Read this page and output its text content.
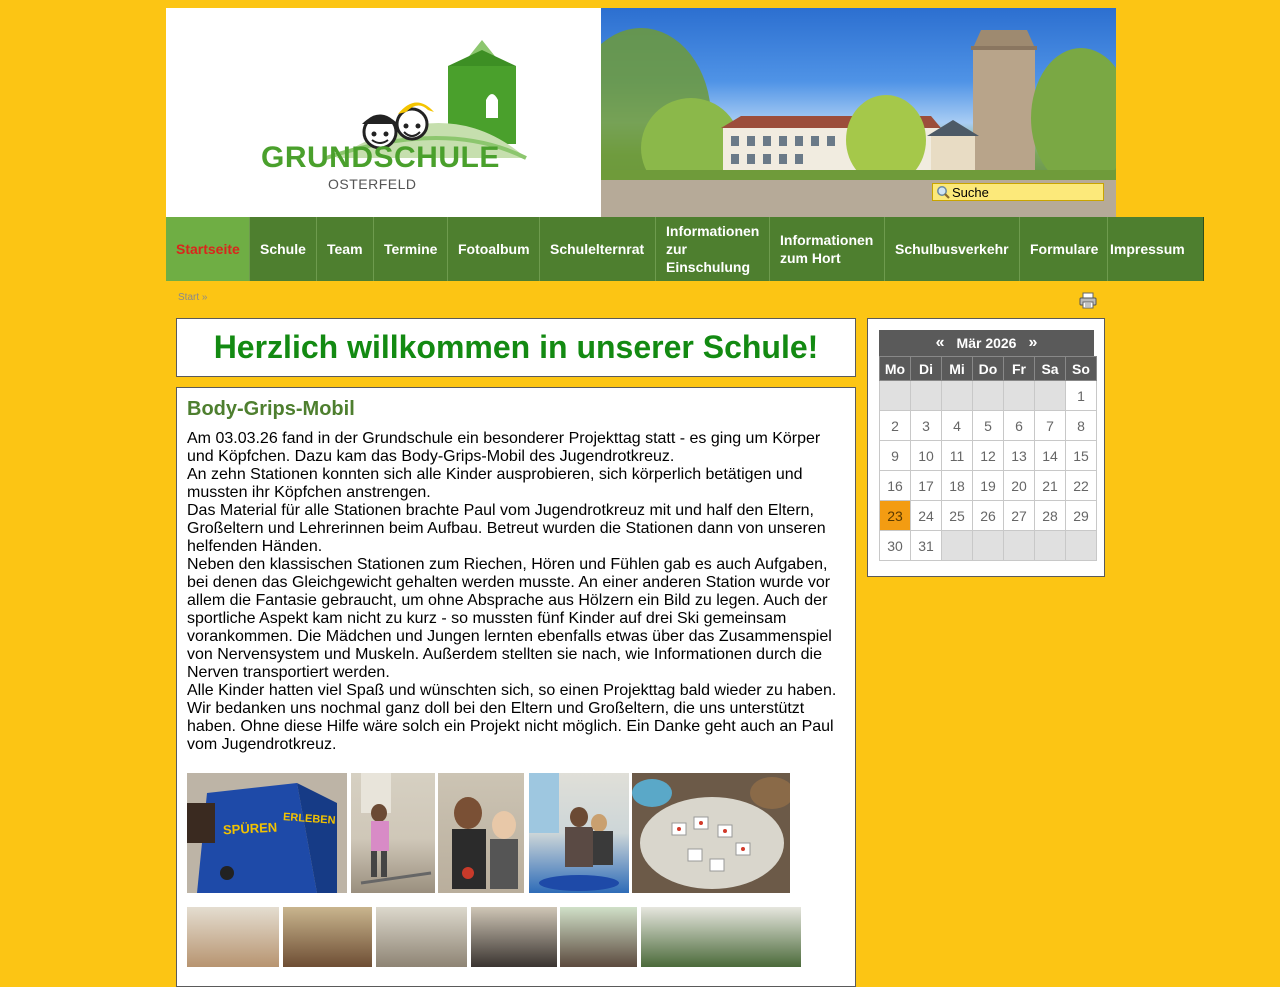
GRUNDSCHULE
OSTERFELD
Suche
Startseite	Schule	Team	Termine	Fotoalbum	Schulelternrat
Informationen zur Einschulung
Informationen zum Hort
Schulbusverkehr	Formulare Impressum
Start »
Herzlich willkommen in unserer Schule!
Body-Grips-Mobil

Am 03.03.26 fand in der Grundschule ein besonderer Projekttag statt - es ging um Körper und Köpfchen. Dazu kam das Body-Grips-Mobil des Jugendrotkreuz.

An zehn Stationen konnten sich alle Kinder ausprobieren, sich körperlich betätigen und mussten ihr Köpfchen anstrengen.

Das Material für alle Stationen brachte Paul vom Jugendrotkreuz mit und half den Eltern, Großeltern und Lehrerinnen beim Aufbau. Betreut wurden die Stationen dann von unseren helfenden Händen.

Neben den klassischen Stationen zum Riechen, Hören und Fühlen gab es auch Aufgaben, bei denen das Gleichgewicht gehalten werden musste. An einer anderen Station wurde vor allem die Fantasie gebraucht, um ohne Absprache aus Hölzern ein Bild zu legen. Auch der sportliche Aspekt kam nicht zu kurz - so mussten fünf Kinder auf drei Ski gemeinsam vorankommen. Die Mädchen und Jungen lernten ebenfalls etwas über das Zusammenspiel von Nervensystem und Muskeln. Außerdem stellten sie nach, wie Informationen durch die Nerven transportiert werden.

Alle Kinder hatten viel Spaß und wünschten sich, so einen Projekttag bald wieder zu haben. Wir bedanken uns nochmal ganz doll bei den Eltern und Großeltern, die uns unterstützt haben. Ohne diese Hilfe wäre solch ein Projekt nicht möglich. Ein Danke geht auch an Paul vom Jugendrotkreuz.

SPÜREN
ERLEBEN
« Mär 2026 »
Mo	Di	Mi	Do	Fr	Sa	So
						1
2	3	4	5	6	7	8
9	10	11	12	13	14	15
16	17	18	19	20	21	22
23	24	25	26	27	28	29
30	31					
